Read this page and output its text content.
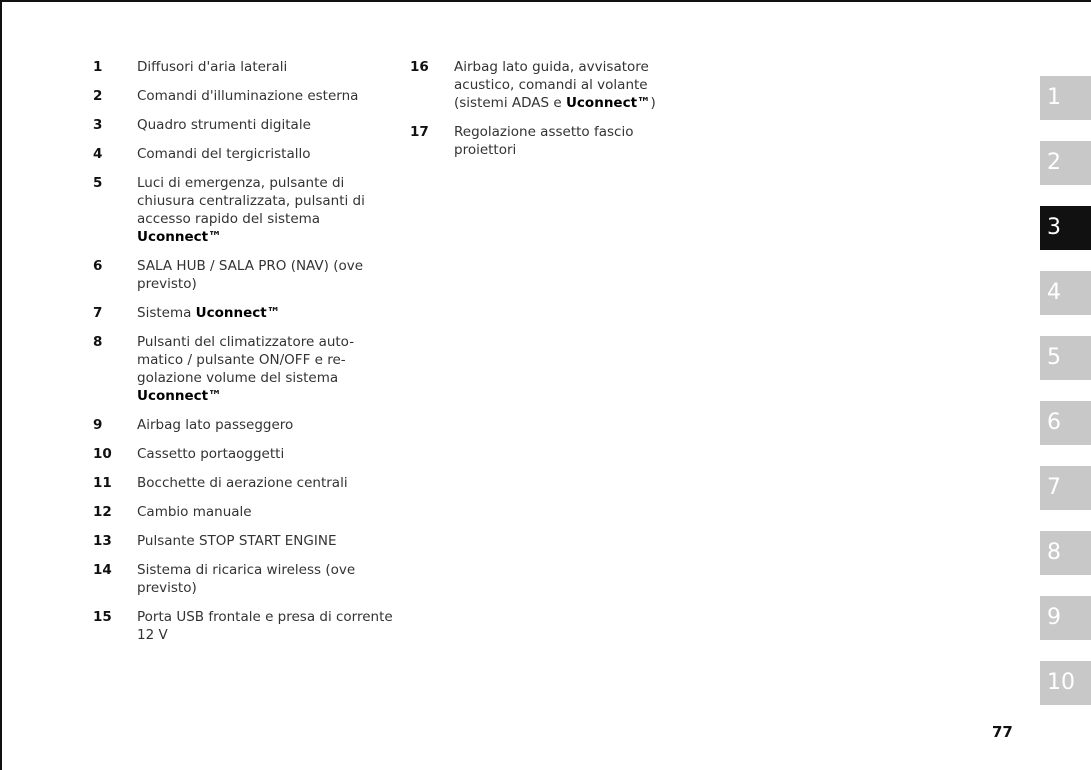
1	Diffusori d'aria laterali
2	Comandi d'illuminazione esterna
3	Quadro strumenti digitale
4	Comandi del tergicristallo
5	Luci di emergenza, pulsante di chiusura centralizzata, pulsanti di accesso rapido del sistema Uconnect™
6	SALA HUB / SALA PRO (NAV) (ove previsto)
7	Sistema Uconnect™
8	Pulsanti del climatizzatore auto-matico / pulsante ON/OFF e re-golazione volume del sistema Uconnect™
9	Airbag lato passeggero
10	Cassetto portaoggetti
11	Bocchette di aerazione centrali
12	Cambio manuale
13	Pulsante STOP START ENGINE
14	Sistema di ricarica wireless (ove previsto)
15	Porta USB frontale e presa di corrente 12 V
16	Airbag lato guida, avvisatore acustico, comandi al volante (sistemi ADAS e Uconnect™)
17	Regolazione assetto fascio proiettori
1
2
3
4
5
6
7
8
9
10
77
